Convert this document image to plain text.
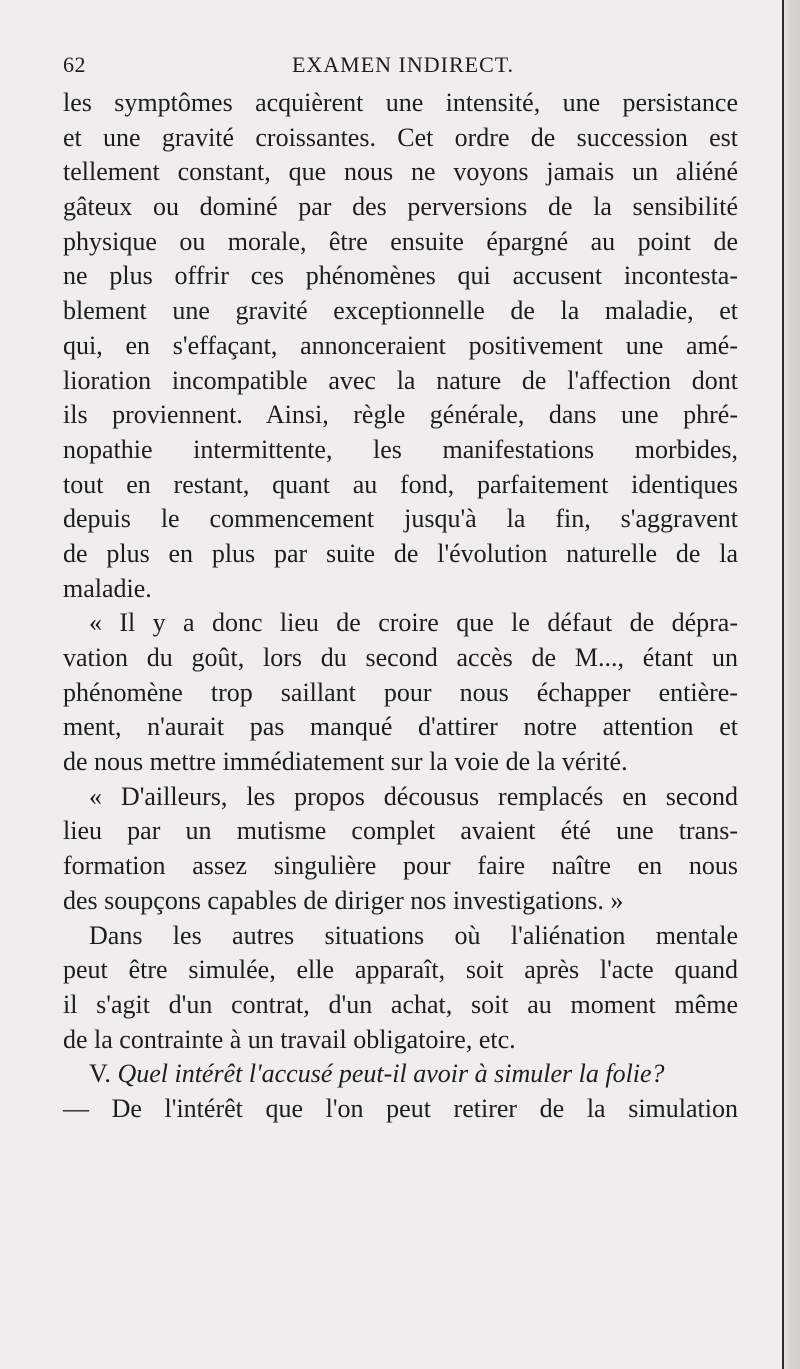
62	EXAMEN INDIRECT.
les symptômes acquièrent une intensité, une persistance
et une gravité croissantes. Cet ordre de succession est
tellement constant, que nous ne voyons jamais un aliéné
gâteux ou dominé par des perversions de la sensibilité
physique ou morale, être ensuite épargné au point de
ne plus offrir ces phénomènes qui accusent incontesta-
blement une gravité exceptionnelle de la maladie, et
qui, en s'effaçant, annonceraient positivement une amé-
lioration incompatible avec la nature de l'affection dont
ils proviennent. Ainsi, règle générale, dans une phré-
nopathie intermittente, les manifestations morbides,
tout en restant, quant au fond, parfaitement identiques
depuis le commencement jusqu'à la fin, s'aggravent
de plus en plus par suite de l'évolution naturelle de la
maladie.
« Il y a donc lieu de croire que le défaut de dépra-
vation du goût, lors du second accès de M..., étant un
phénomène trop saillant pour nous échapper entière-
ment, n'aurait pas manqué d'attirer notre attention et
de nous mettre immédiatement sur la voie de la vérité.
« D'ailleurs, les propos décousus remplacés en second
lieu par un mutisme complet avaient été une trans-
formation assez singulière pour faire naître en nous
des soupçons capables de diriger nos investigations. »
Dans les autres situations où l'aliénation mentale
peut être simulée, elle apparaît, soit après l'acte quand
il s'agit d'un contrat, d'un achat, soit au moment même
de la contrainte à un travail obligatoire, etc.
V. Quel intérêt l'accusé peut-il avoir à simuler la folie?
— De l'intérêt que l'on peut retirer de la simulation
